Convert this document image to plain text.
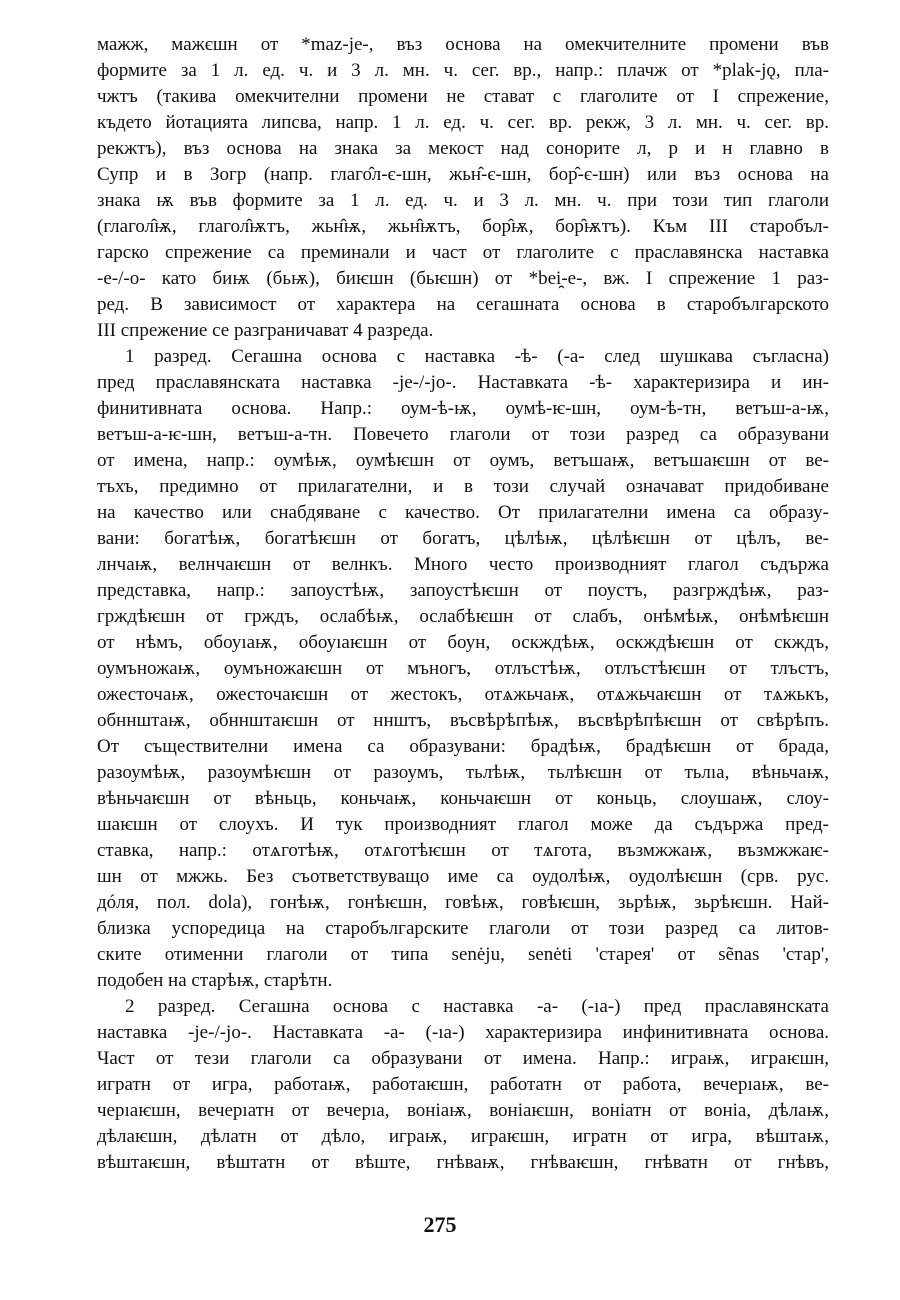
мажж, мажєшн от *maz-je-, въз основа на омекчителните промени във
формите за 1 л. ед. ч. и 3 л. мн. ч. сег. вр., напр.: плачж от *plak-jǫ, пла-
чжтъ (такива омекчителни промени не стават с глаголите от I спрежение,
където йотацията липсва, напр. 1 л. ед. ч. сег. вр. рекж, 3 л. мн. ч. сег. вр.
рекжтъ), въз основа на знака за мекост над сонорите л, р и н главно в
Супр и в Зогр (напр. глаго̂л-є-шн, жьн̂-є-шн, бор̂-є-шн) или въз основа на
знака ѭ във формите за 1 л. ед. ч. и 3 л. мн. ч. при този тип глаголи
(глагол̂ѭ, глагол̂ѭтъ, жьн̂ѭ, жьн̂ѭтъ, бор̂ѭ, бор̂ѭтъ). Към III старобъл-
гарско спрежение са преминали и част от глаголите с праславянска наставка
-e-/-o- като биѭ (бьѭ), биѥшн (бьѥшн) от *bei̯-e-, вж. I спрежение 1 раз-
ред. В зависимост от характера на сегашната основа в старобългарското
III спрежение се разграничават 4 разреда.
1 разред. Сегашна основа с наставка -ѣ- (-а- след шушкава съгласна)
пред праславянската наставка -je-/-jo-. Наставката -ѣ- характеризира и ин-
финитивната основа. Напр.: оум-ѣ-ѭ, оумѣ-ѥ-шн, оум-ѣ-тн, ветъш-а-ѭ,
ветъш-а-ѥ-шн, ветъш-а-тн. Повечето глаголи от този разред са образувани
от имена, напр.: оумѣѭ, оумѣѥшн от оумъ, ветъшаѭ, ветъшаѥшн от ве-
тъхъ, предимно от прилагателни, и в този случай означават придобиване
на качество или снабдяване с качество. От прилагателни имена са образу-
вани: богатѣѭ, богатѣѥшн от богатъ, цѣлѣѭ, цѣлѣѥшн от цѣлъ, ве-
лнчаѭ, велнчаѥшн от велнкъ. Много често производният глагол съдържа
представка, напр.: запоустѣѭ, запоустѣѥшн от поустъ, разгрждѣѭ, раз-
грждѣѥшн от грждъ, ослабѣѭ, ослабѣѥшн от слабъ, онѣмѣѭ, онѣмѣѥшн
от нѣмъ, обоуıаѭ, обоуıаѥшн от боун, оскждѣѭ, оскждѣѥшн от скждъ,
оумъножаѭ, оумъножаѥшн от мъногъ, отлъстѣѭ, отлъстѣѥшн от тлъстъ,
ожесточаѭ, ожесточаѥшн от жестокъ, отѧжьчаѭ, отѧжьчаѥшн от тѧжькъ,
обннштаѭ, обннштаѥшн от ннштъ, въсвѣрѣпѣѭ, въсвѣрѣпѣѥшн от свѣрѣпъ.
От съществителни имена са образувани: брадѣѭ, брадѣѥшн от брада,
разоумѣѭ, разоумѣѥшн от разоумъ, тьлѣѭ, тьлѣѥшн от тьлıа, вѣньчаѭ,
вѣньчаѥшн от вѣньць, коньчаѭ, коньчаѥшн от коньць, слоушаѭ, слоу-
шаѥшн от слоухъ. И тук производният глагол може да съдържа пред-
ставка, напр.: отѧготѣѭ, отѧготѣѥшн от тѧгота, възмжжаѭ, възмжжаѥ-
шн от мжжь. Без съответствуващо име са оудолѣѭ, оудолѣѥшн (срв. рус.
дóля, пол. dola), гонѣѭ, гонѣѥшн, говѣѭ, говѣѥшн, зьрѣѭ, зьрѣѥшн. Най-
близка успоредица на старобългарските глаголи от този разред са литов-
ските отименни глаголи от типа senėju, senėti 'старея' от sẽnas 'стар',
подобен на старѣѭ, старѣтн.
2 разред. Сегашна основа с наставка -а- (-ıа-) пред праславянската
наставка -je-/-jo-. Наставката -а- (-ıа-) характеризира инфинитивната основа.
Част от тези глаголи са образувани от имена. Напр.: играѭ, играѥшн,
игратн от игра, работаѭ, работаѥшн, работатн от работа, вечерıаѭ, ве-
черıаѥшн, вечерıатн от вечерıа, воніаѭ, воніаѥшн, воніатн от воніа, дѣлаѭ,
дѣлаѥшн, дѣлатн от дѣло, играѭ, играѥшн, игратн от игра, вѣштаѭ,
вѣштаѥшн, вѣштатн от вѣште, гнѣваѭ, гнѣваѥшн, гнѣватн от гнѣвъ,
275
